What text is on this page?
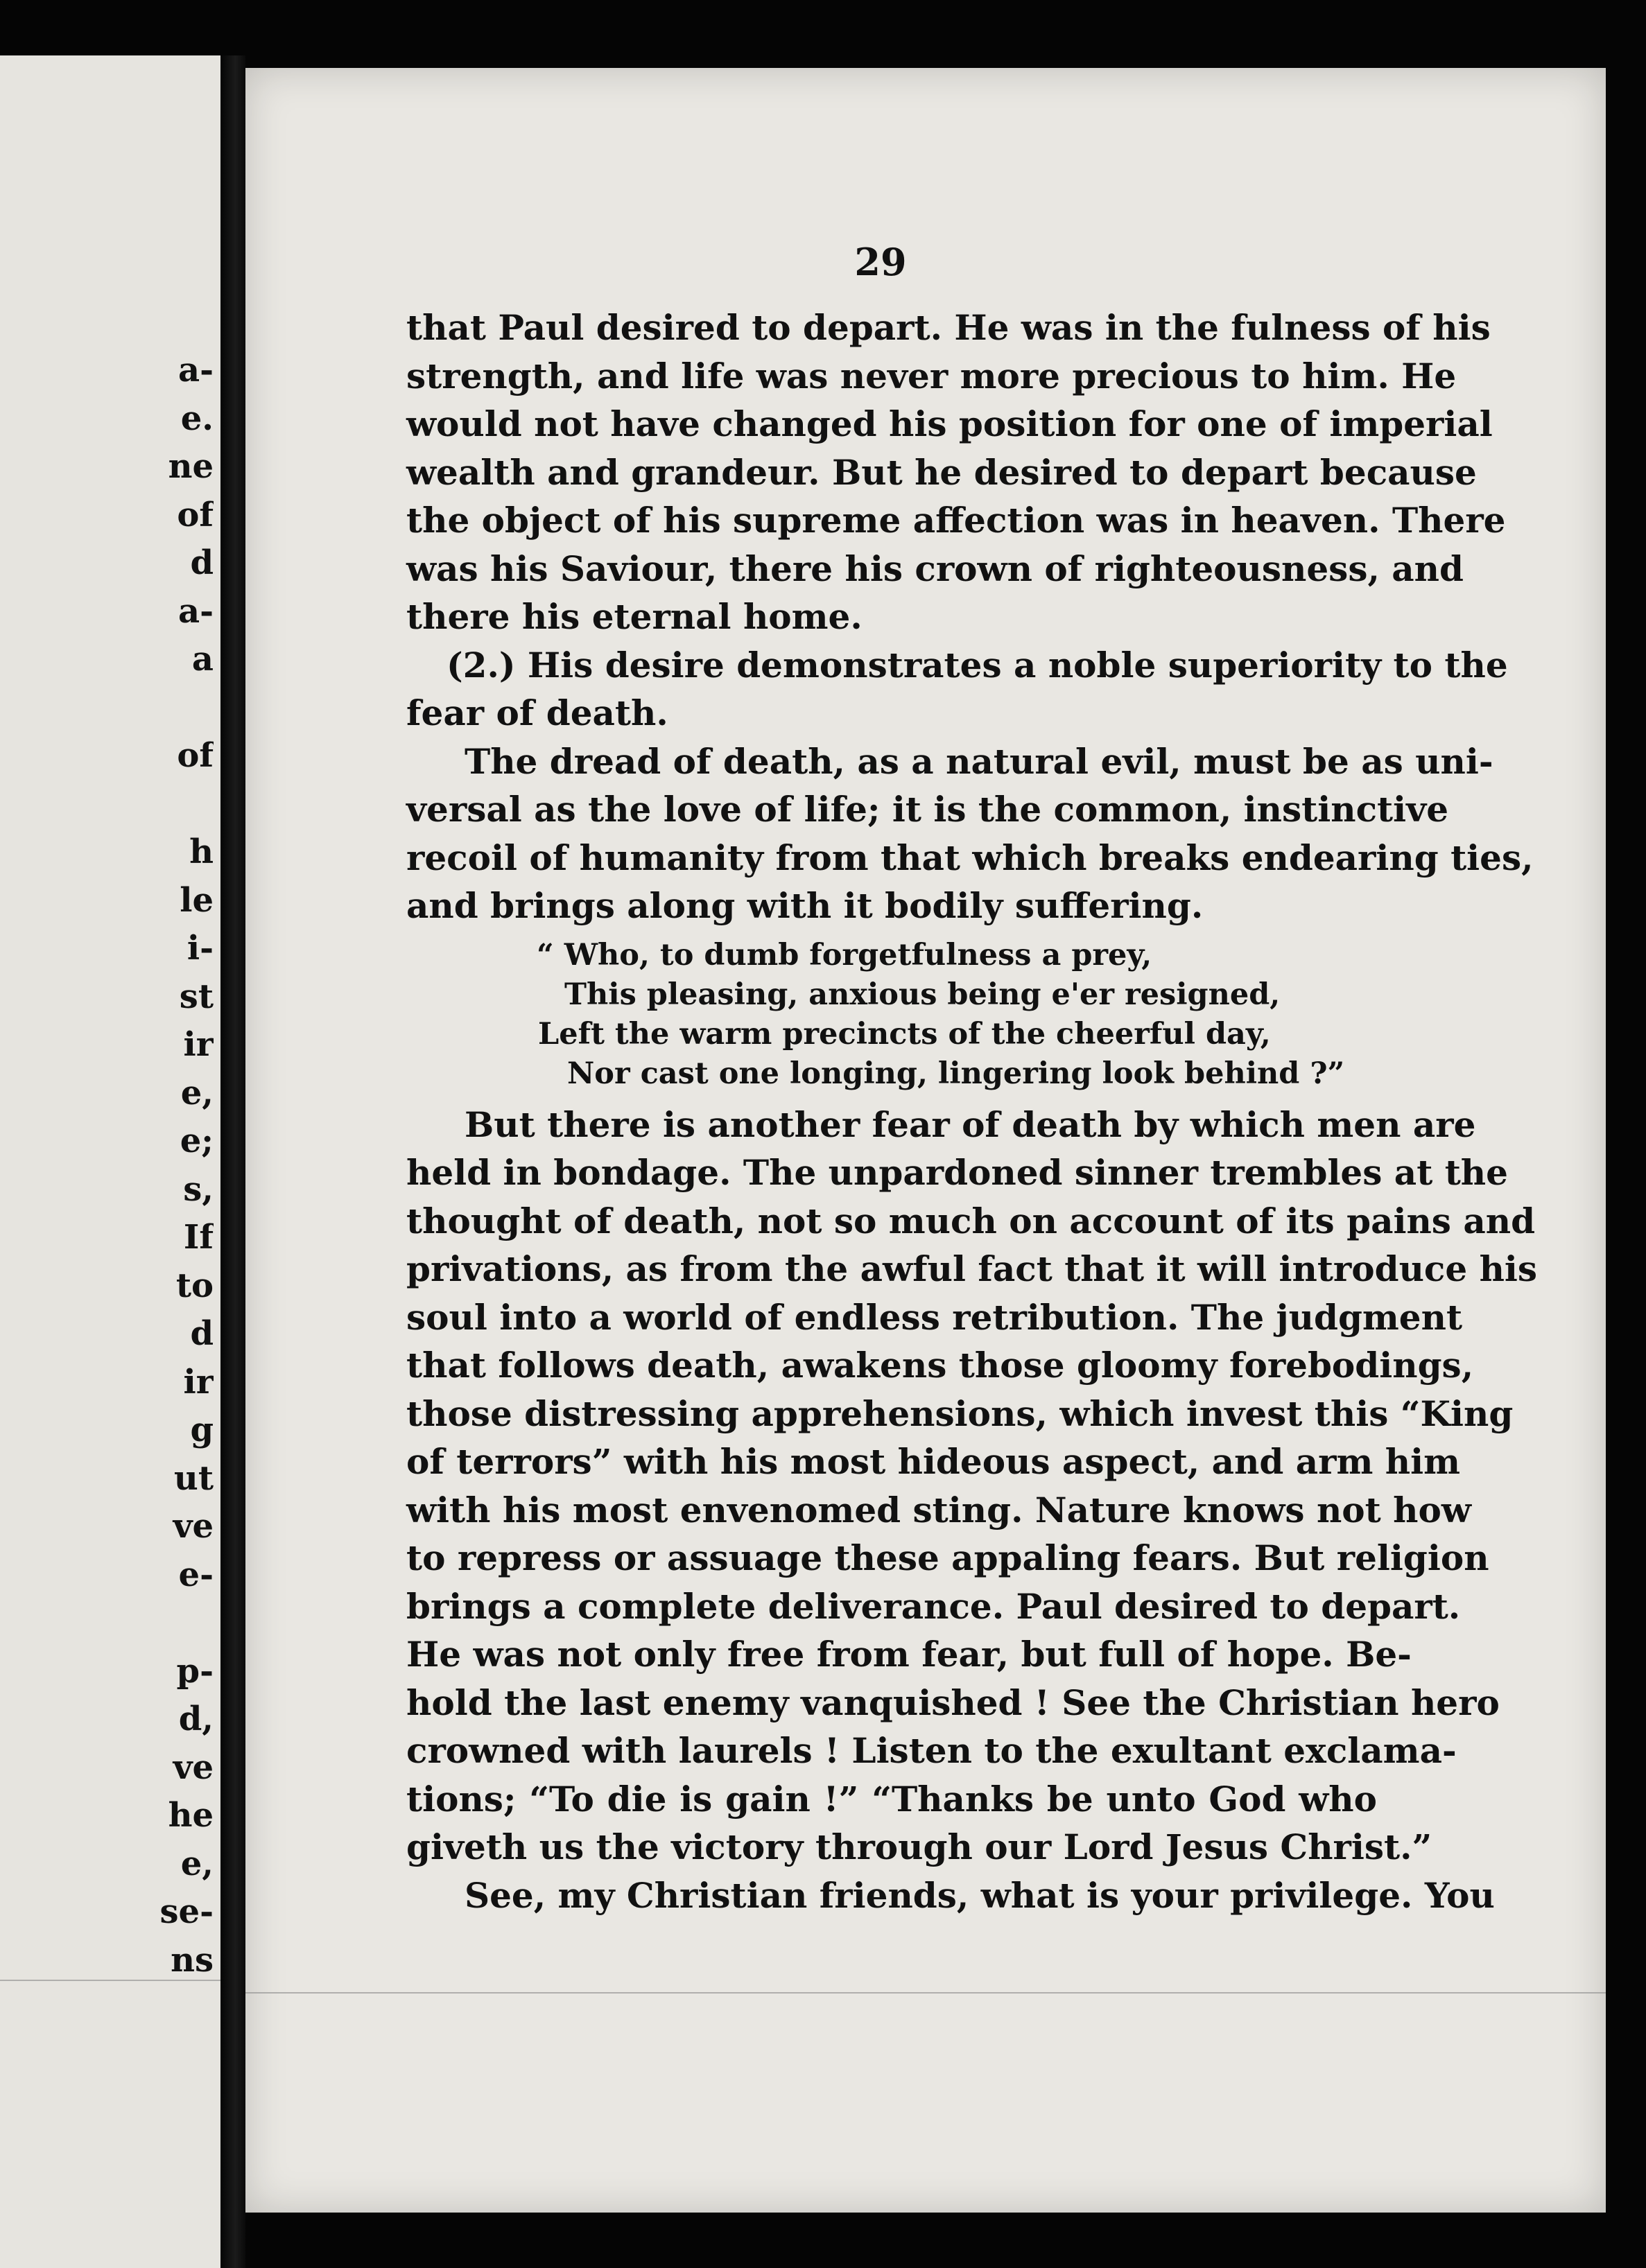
a-
e.
ne
of
d
a-
a

of

h
le
i-
st
ir
e,
e;
s,
If
to
d
ir
g
ut
ve
e-

p-
d,
ve
he
e,
se-
ns
29
that Paul desired to depart. He was in the fulness of his
strength, and life was never more precious to him. He
would not have changed his position for one of imperial
wealth and grandeur. But he desired to depart because
the object of his supreme affection was in heaven. There
was his Saviour, there his crown of righteousness, and
there his eternal home.
(2.) His desire demonstrates a noble superiority to the
fear of death.
The dread of death, as a natural evil, must be as uni-
versal as the love of life; it is the common, instinctive
recoil of humanity from that which breaks endearing ties,
and brings along with it bodily suffering.
“ Who, to dumb forgetfulness a prey,
This pleasing, anxious being e'er resigned,
Left the warm precincts of the cheerful day,
Nor cast one longing, lingering look behind ?”
But there is another fear of death by which men are
held in bondage. The unpardoned sinner trembles at the
thought of death, not so much on account of its pains and
privations, as from the awful fact that it will introduce his
soul into a world of endless retribution. The judgment
that follows death, awakens those gloomy forebodings,
those distressing apprehensions, which invest this “King
of terrors” with his most hideous aspect, and arm him
with his most envenomed sting. Nature knows not how
to repress or assuage these appaling fears. But religion
brings a complete deliverance. Paul desired to depart.
He was not only free from fear, but full of hope. Be-
hold the last enemy vanquished ! See the Christian hero
crowned with laurels ! Listen to the exultant exclama-
tions; “To die is gain !” “Thanks be unto God who
giveth us the victory through our Lord Jesus Christ.”
See, my Christian friends, what is your privilege. You
